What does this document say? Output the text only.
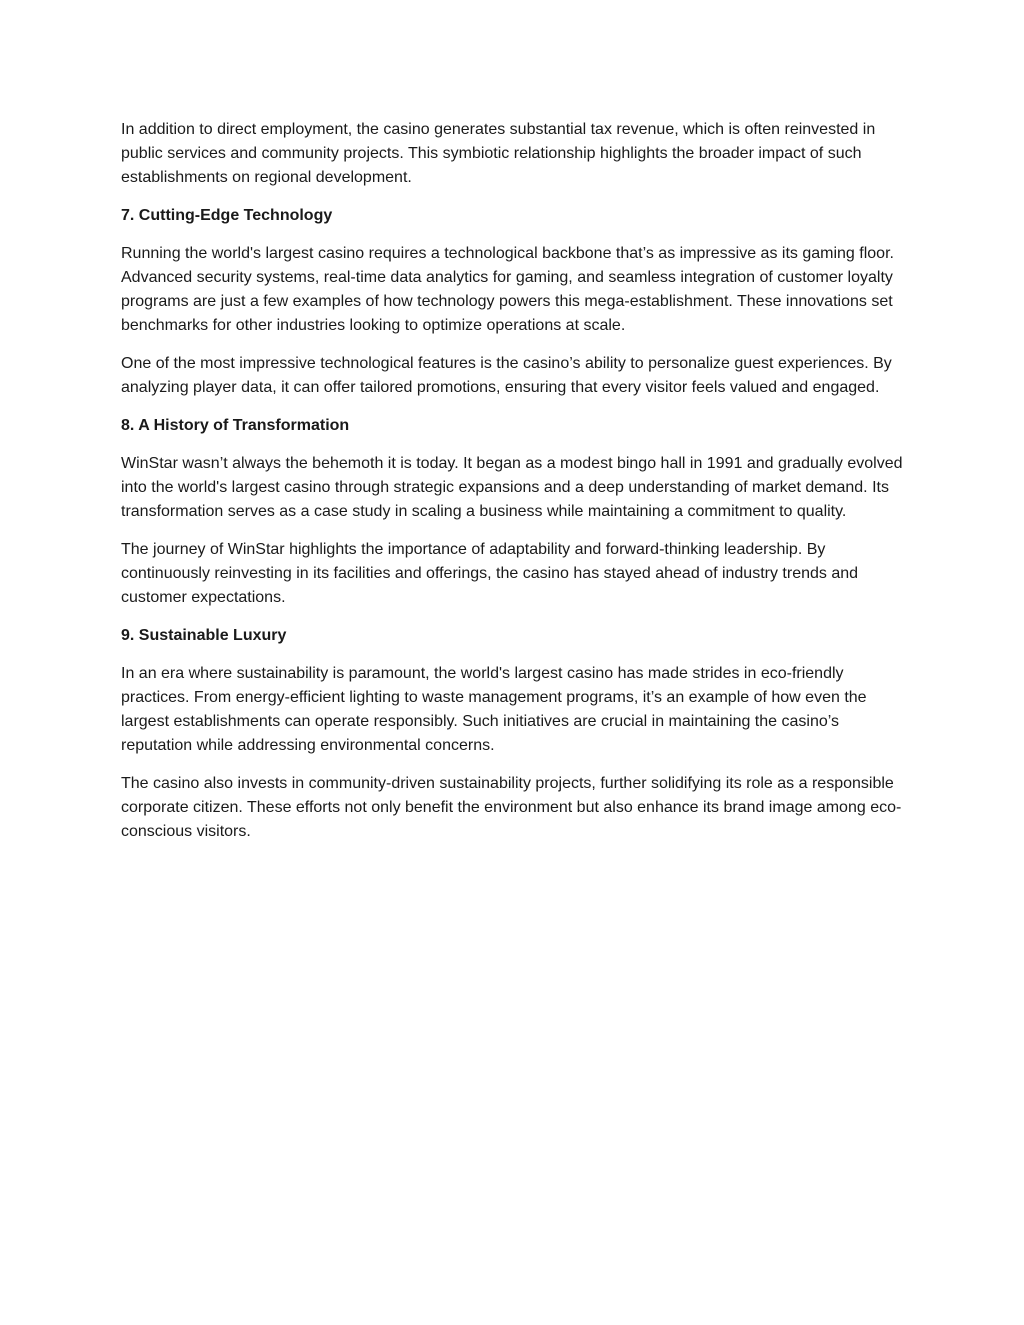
In addition to direct employment, the casino generates substantial tax revenue, which is often reinvested in public services and community projects. This symbiotic relationship highlights the broader impact of such establishments on regional development.

7. Cutting-Edge Technology

Running the world's largest casino requires a technological backbone that’s as impressive as its gaming floor. Advanced security systems, real-time data analytics for gaming, and seamless integration of customer loyalty programs are just a few examples of how technology powers this mega-establishment. These innovations set benchmarks for other industries looking to optimize operations at scale.

One of the most impressive technological features is the casino’s ability to personalize guest experiences. By analyzing player data, it can offer tailored promotions, ensuring that every visitor feels valued and engaged.

8. A History of Transformation

WinStar wasn’t always the behemoth it is today. It began as a modest bingo hall in 1991 and gradually evolved into the world's largest casino through strategic expansions and a deep understanding of market demand. Its transformation serves as a case study in scaling a business while maintaining a commitment to quality.

The journey of WinStar highlights the importance of adaptability and forward-thinking leadership. By continuously reinvesting in its facilities and offerings, the casino has stayed ahead of industry trends and customer expectations.

9. Sustainable Luxury

In an era where sustainability is paramount, the world's largest casino has made strides in eco-friendly practices. From energy-efficient lighting to waste management programs, it’s an example of how even the largest establishments can operate responsibly. Such initiatives are crucial in maintaining the casino’s reputation while addressing environmental concerns.

The casino also invests in community-driven sustainability projects, further solidifying its role as a responsible corporate citizen. These efforts not only benefit the environment but also enhance its brand image among eco-conscious visitors.
